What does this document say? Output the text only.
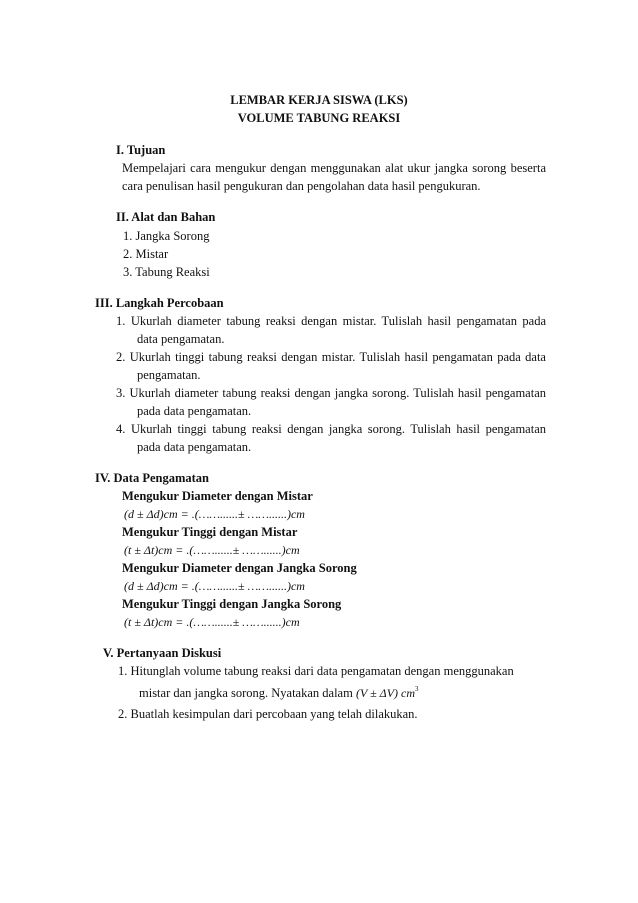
LEMBAR KERJA SISWA (LKS)
VOLUME TABUNG REAKSI
I. Tujuan
Mempelajari cara mengukur dengan menggunakan alat ukur jangka sorong beserta
cara penulisan hasil pengukuran dan pengolahan data hasil pengukuran.
II. Alat dan Bahan
1. Jangka Sorong
2. Mistar
3. Tabung Reaksi
III. Langkah Percobaan
1. Ukurlah diameter tabung reaksi dengan mistar. Tulislah hasil pengamatan pada
data pengamatan.
2. Ukurlah tinggi tabung reaksi dengan mistar. Tulislah hasil pengamatan pada data
pengamatan.
3. Ukurlah diameter tabung reaksi dengan jangka sorong. Tulislah hasil pengamatan
pada data pengamatan.
4. Ukurlah tinggi tabung reaksi dengan jangka sorong. Tulislah hasil pengamatan
pada data pengamatan.
IV. Data Pengamatan
Mengukur Diameter dengan Mistar
(d ± Δd)cm = .(……......± ……......)cm
Mengukur Tinggi dengan Mistar
(t ± Δt)cm = .(……......± ……......)cm
Mengukur Diameter dengan Jangka Sorong
(d ± Δd)cm = .(……......± ……......)cm
Mengukur Tinggi dengan Jangka Sorong
(t ± Δt)cm = .(……......± ……......)cm
V. Pertanyaan Diskusi
1. Hitunglah volume tabung reaksi dari data pengamatan dengan menggunakan
mistar dan jangka sorong. Nyatakan dalam (V ± ΔV) $cm^3$
2. Buatlah kesimpulan dari percobaan yang telah dilakukan.
